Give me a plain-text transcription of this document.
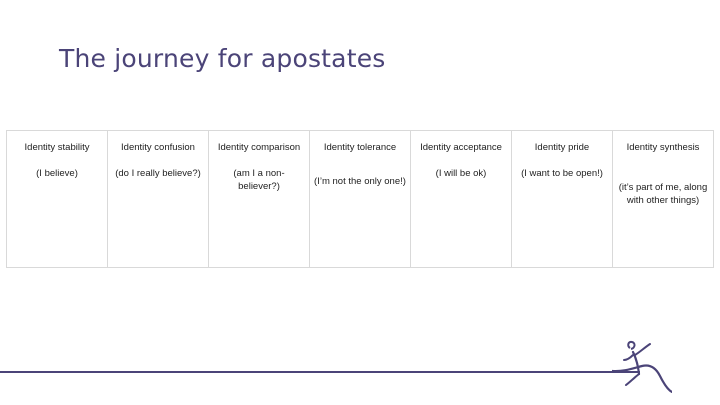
The journey for apostates
Identity stability
(I believe)
Identity confusion
(do I really believe?)
Identity comparison
(am I a non-believer?)
Identity tolerance
(I’m not the only one!)
Identity acceptance
(I will be ok)
Identity pride
(I want to be open!)
Identity synthesis
(it’s part of me, along with other things)
